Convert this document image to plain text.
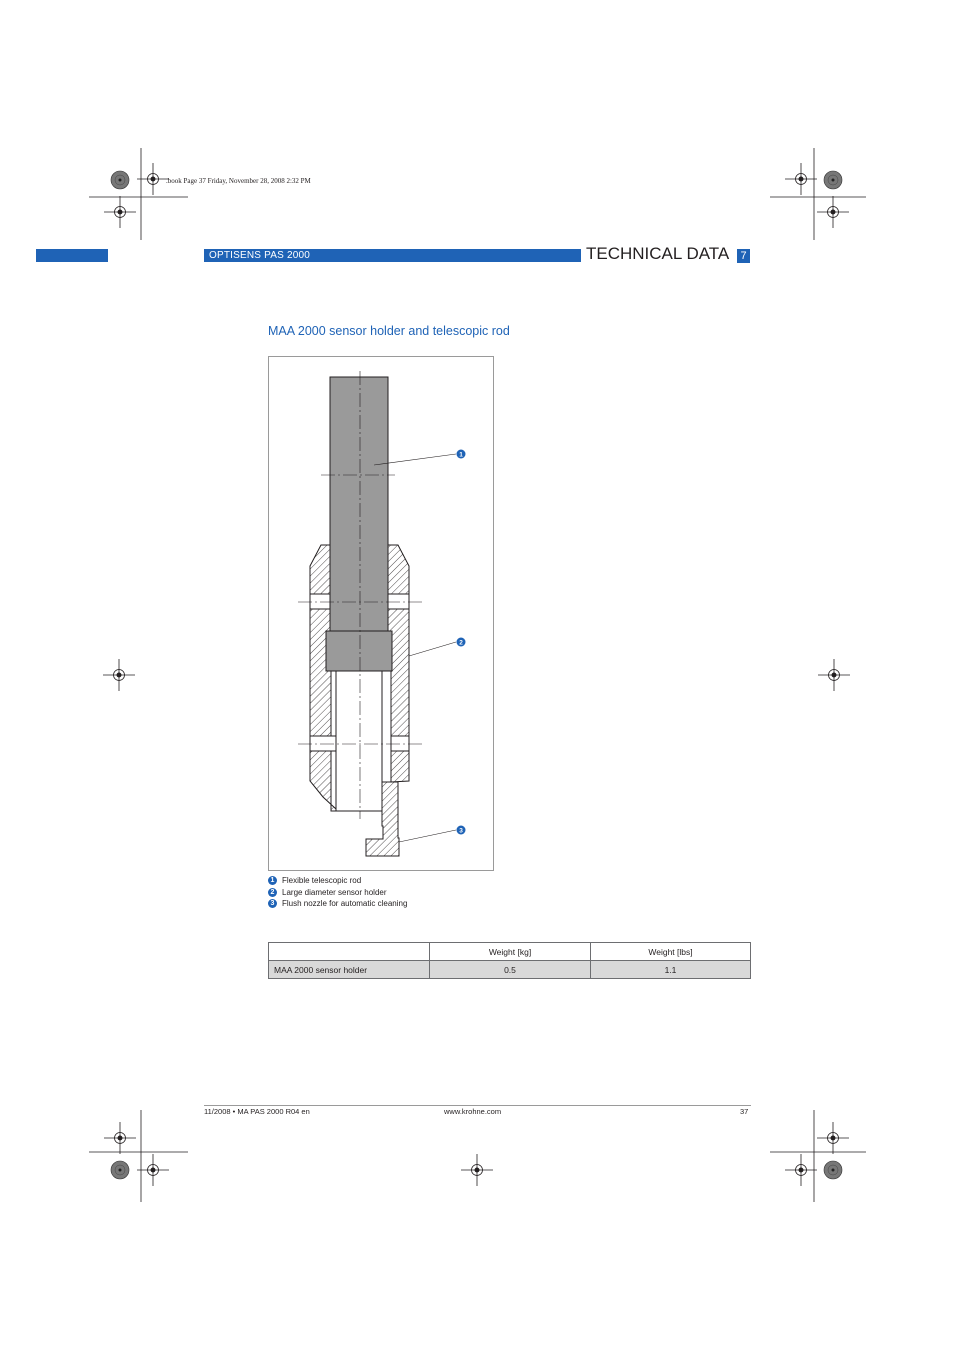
.book Page 37 Friday, November 28, 2008 2:32 PM
OPTISENS PAS 2000	TECHNICAL DATA	7
MAA 2000 sensor holder and telescopic rod
1
2
3
1 Flexible telescopic rod
2 Large diameter sensor holder
3 Flush nozzle for automatic cleaning
	Weight [kg]	Weight [lbs]
MAA 2000 sensor holder	0.5	1.1
11/2008 • MA PAS 2000 R04 en	www.krohne.com	37
